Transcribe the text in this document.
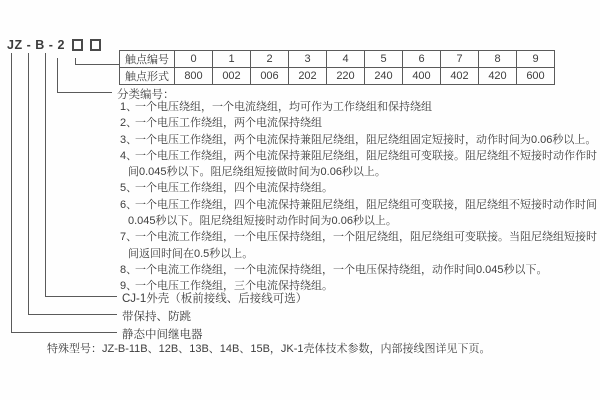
JZ - B - 2
触点编号	0	1	2	3	4	5	6	7	8	9
触点形式	800	002	006	202	220	240	400	402	420	600
分类编号：
1、一个电压绕组，一个电流绕组，均可作为工作绕组和保持绕组
2、一个电压工作绕组，两个电流保持绕组
3、一个电压工作绕组，两个电流保持兼阻尼绕组，阻尼绕组固定短接时，动作时间为0.06秒以上。
4、一个电压工作绕组，两个电流保持兼阻尼绕组，阻尼绕组可变联接。阻尼绕组不短接时动作作时
间0.045秒以下。阻尼绕组短接做时间为0.06秒以上。
5、一个电压工作绕组，四个电流保持绕组。
6、一个电压工作绕组，四个电流保持兼阻尼绕组，阻尼绕组可变联接，阻尼绕组不短接时动作时间
0.045秒以下。阻尼绕组短接时动作时间为0.06秒以上。
7、一个电流工作绕组，一个电压保持绕组，一个阻尼绕组，阻尼绕组可变联接。当阻尼绕组短接时
间返回时间在0.5秒以上。
8、一个电流工作绕组，一个电流保持绕组，一个电压保持绕组，动作时间0.045秒以下。
9、一个电压工作绕组，三个电流保持绕组。
CJ-1外壳（板前接线、后接线可选）
带保持、防跳
静态中间继电器
特殊型号：JZ-B-11B、12B、13B、14B、15B，JK-1壳体技术参数，内部接线图详见下页。
